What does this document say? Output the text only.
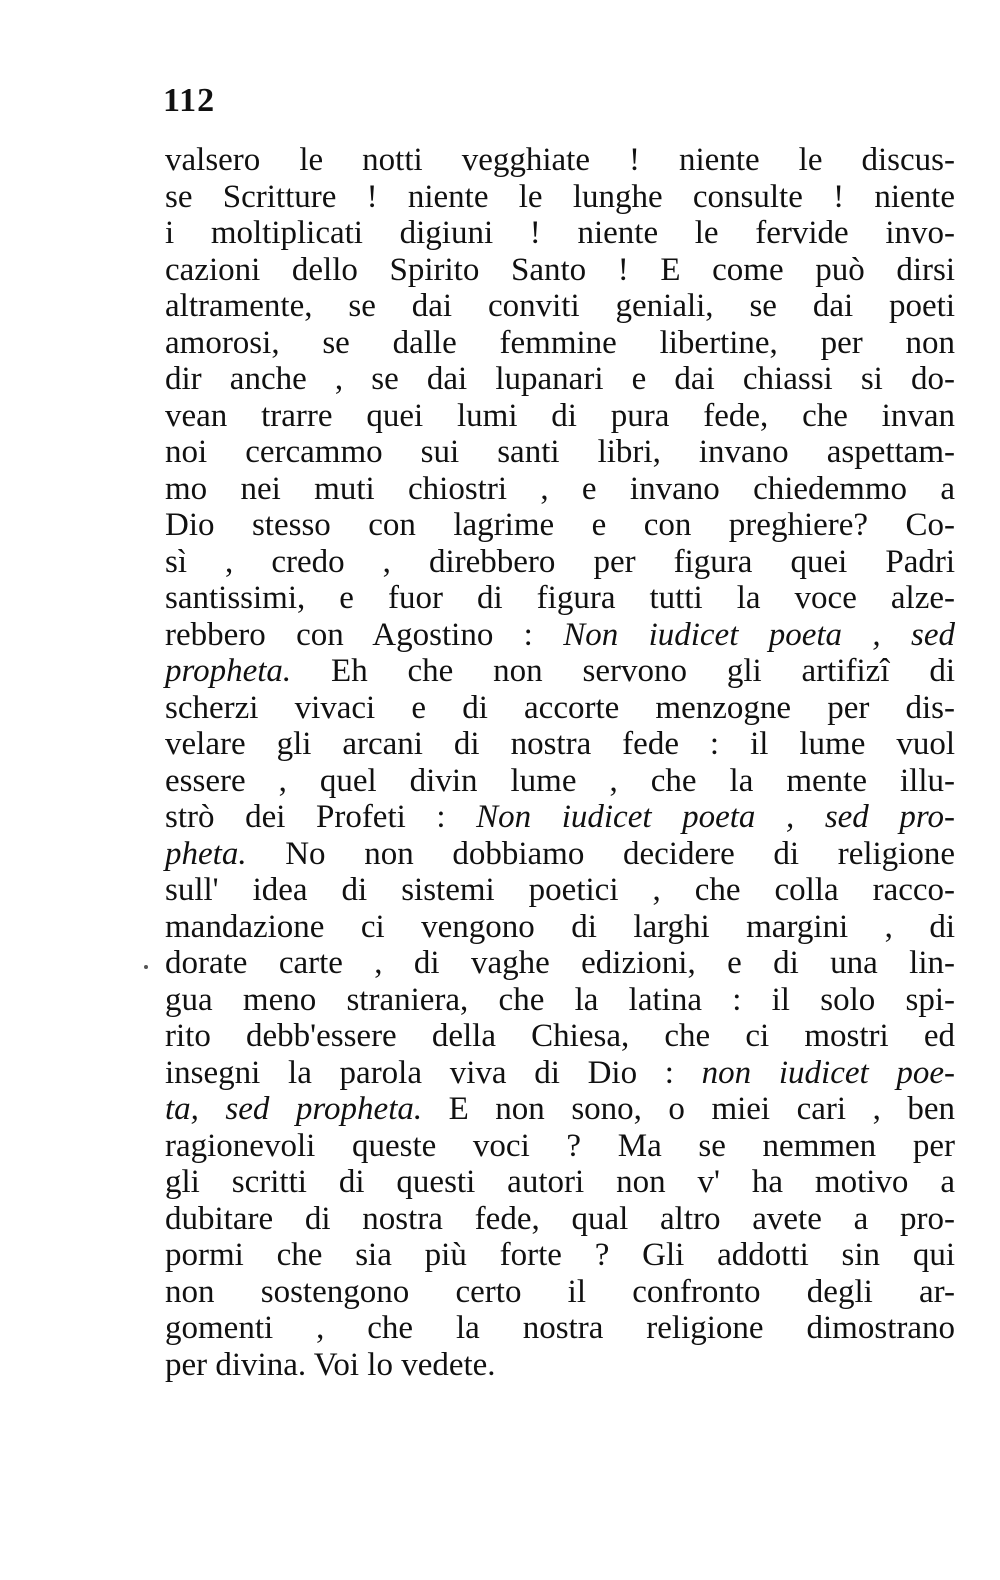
112
valsero le notti vegghiate ! niente le discus-
se Scritture ! niente le lunghe consulte ! niente
i moltiplicati digiuni ! niente le fervide invo-
cazioni dello Spirito Santo ! E come può dirsi
altramente, se dai conviti geniali, se dai poeti
amorosi, se dalle femmine libertine, per non
dir anche , se dai lupanari e dai chiassi si do-
vean trarre quei lumi di pura fede, che invan
noi cercammo sui santi libri, invano aspettam-
mo nei muti chiostri , e invano chiedemmo a
Dio stesso con lagrime e con preghiere? Co-
sì , credo , direbbero per figura quei Padri
santissimi, e fuor di figura tutti la voce alze-
rebbero con Agostino : Non iudicet poeta , sed
propheta. Eh che non servono gli artifizî di
scherzi vivaci e di accorte menzogne per dis-
velare gli arcani di nostra fede : il lume vuol
essere , quel divin lume , che la mente illu-
strò dei Profeti : Non iudicet poeta , sed pro-
pheta. No non dobbiamo decidere di religione
sull' idea di sistemi poetici , che colla racco-
mandazione ci vengono di larghi margini , di
dorate carte , di vaghe edizioni, e di una lin-
gua meno straniera, che la latina : il solo spi-
rito debb'essere della Chiesa, che ci mostri ed
insegni la parola viva di Dio : non iudicet poe-
ta, sed propheta. E non sono, o miei cari , ben
ragionevoli queste voci ? Ma se nemmen per
gli scritti di questi autori non v' ha motivo a
dubitare di nostra fede, qual altro avete a pro-
pormi che sia più forte ? Gli addotti sin qui
non sostengono certo il confronto degli ar-
gomenti , che la nostra religione dimostrano
per divina. Voi lo vedete.
